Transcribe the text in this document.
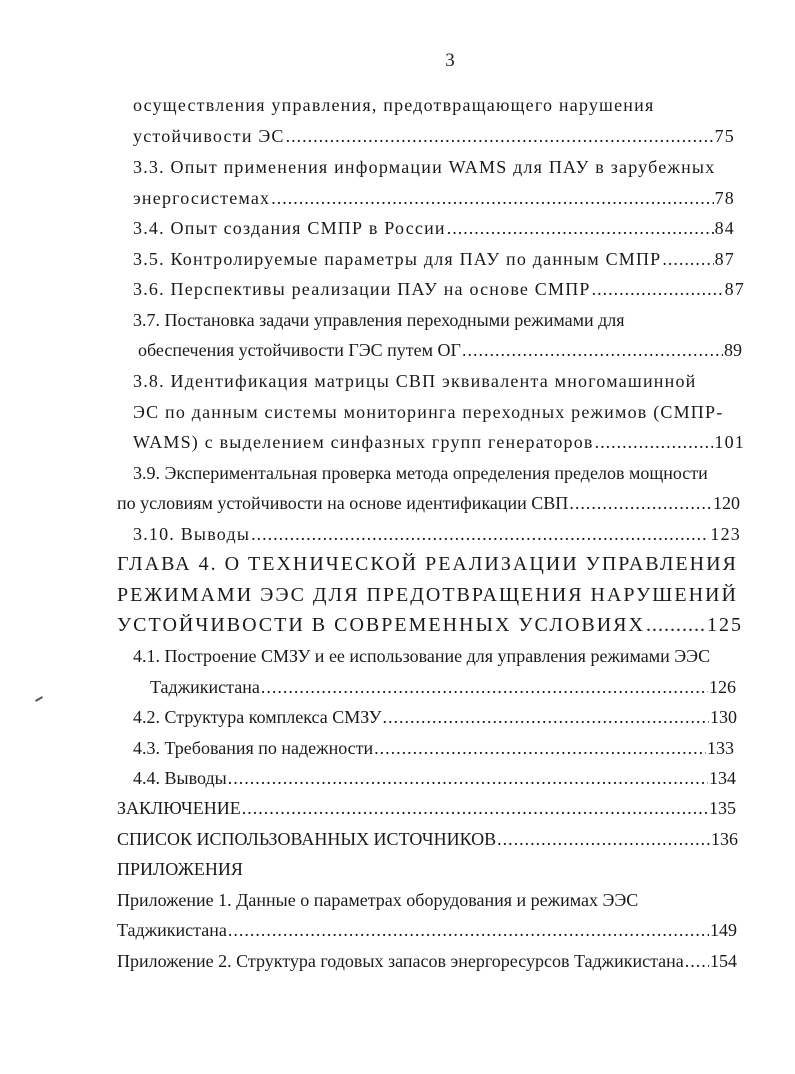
3
осуществления управления, предотвращающего нарушения
устойчивости ЭС .....	75
3.3. Опыт применения информации WAMS для ПАУ в зарубежных
энергосистемах .....	78
3.4. Опыт создания СМПР в России .....	84
3.5. Контролируемые параметры для ПАУ по данным СМПР .....	87
3.6. Перспективы реализации ПАУ на основе СМПР .....	87
3.7. Постановка задачи управления переходными режимами для
обеспечения устойчивости ГЭС путем ОГ .....	89
3.8. Идентификация матрицы СВП эквивалента многомашинной
ЭС по данным системы мониторинга переходных режимов (СМПР-
WAMS) с выделением синфазных групп генераторов .....	101
3.9. Экспериментальная проверка метода определения пределов мощности
по условиям устойчивости на основе идентификации СВП .....	120
3.10. Выводы .....	123
ГЛАВА 4. О ТЕХНИЧЕСКОЙ РЕАЛИЗАЦИИ УПРАВЛЕНИЯ
РЕЖИМАМИ ЭЭС ДЛЯ ПРЕДОТВРАЩЕНИЯ НАРУШЕНИЙ
УСТОЙЧИВОСТИ В СОВРЕМЕННЫХ УСЛОВИЯХ .....	125
4.1. Построение СМЗУ и ее использование для управления режимами ЭЭС
Таджикистана .....	126
4.2. Структура комплекса СМЗУ .....	130
4.3. Требования по надежности .....	133
4.4. Выводы .....	134
ЗАКЛЮЧЕНИЕ .....	135
СПИСОК ИСПОЛЬЗОВАННЫХ ИСТОЧНИКОВ .....	136
ПРИЛОЖЕНИЯ
Приложение 1. Данные о параметрах оборудования и режимах ЭЭС
Таджикистана .....	149
Приложение 2. Структура годовых запасов энергоресурсов Таджикистана ..... 154
